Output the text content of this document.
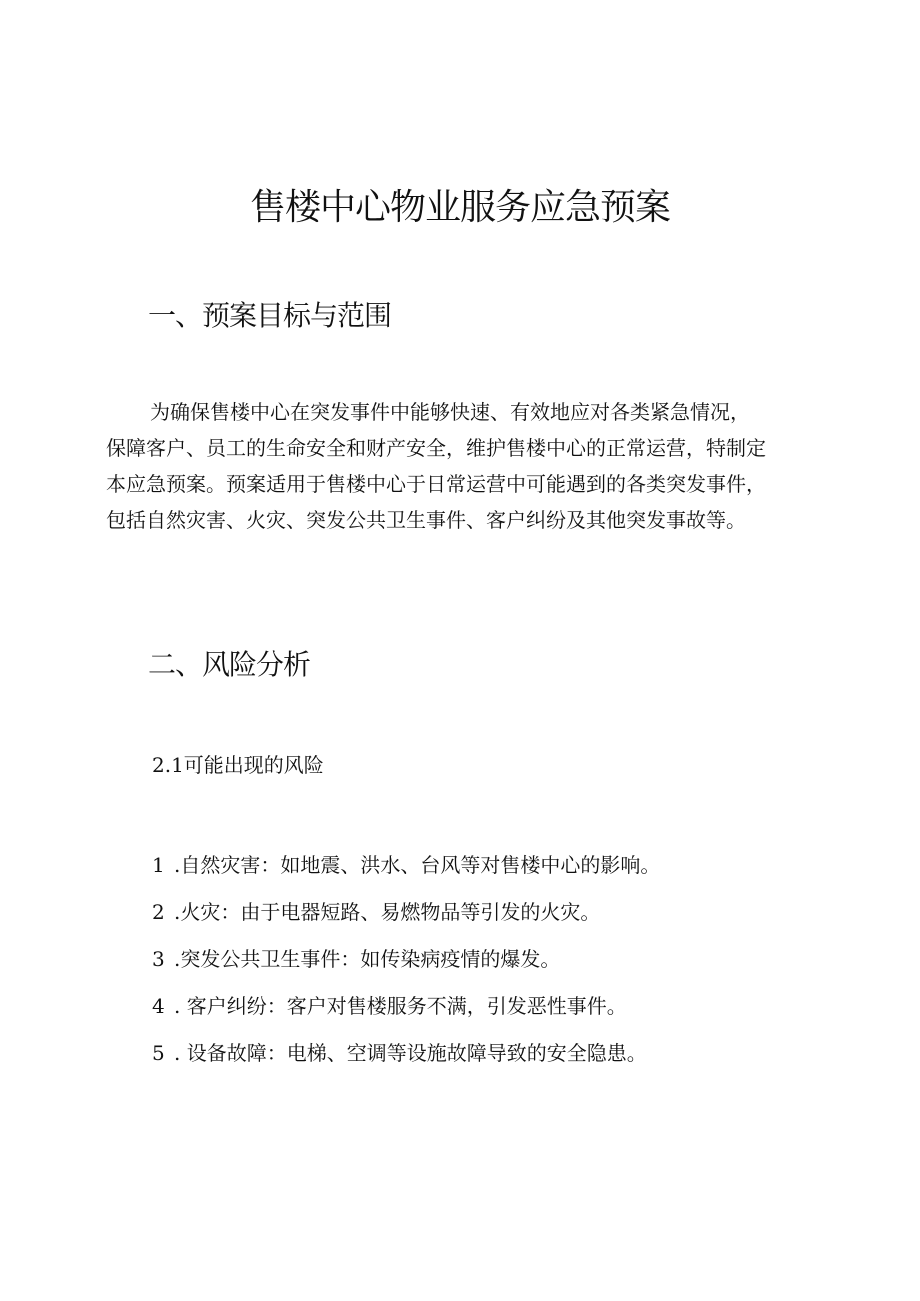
售楼中心物业服务应急预案
一、预案目标与范围

为确保售楼中心在突发事件中能够快速、有效地应对各类紧急情况，
保障客户、员工的生命安全和财产安全，维护售楼中心的正常运营，特制定
本应急预案。预案适用于售楼中心于日常运营中可能遇到的各类突发事件，
包括自然灾害、火灾、突发公共卫生事件、客户纠纷及其他突发事故等。

二、风险分析

2.1可能出现的风险

1 .自然灾害：如地震、洪水、台风等对售楼中心的影响。
2 .火灾：由于电器短路、易燃物品等引发的火灾。
3 .突发公共卫生事件：如传染病疫情的爆发。
4 . 客户纠纷：客户对售楼服务不满，引发恶性事件。
5 . 设备故障：电梯、空调等设施故障导致的安全隐患。
